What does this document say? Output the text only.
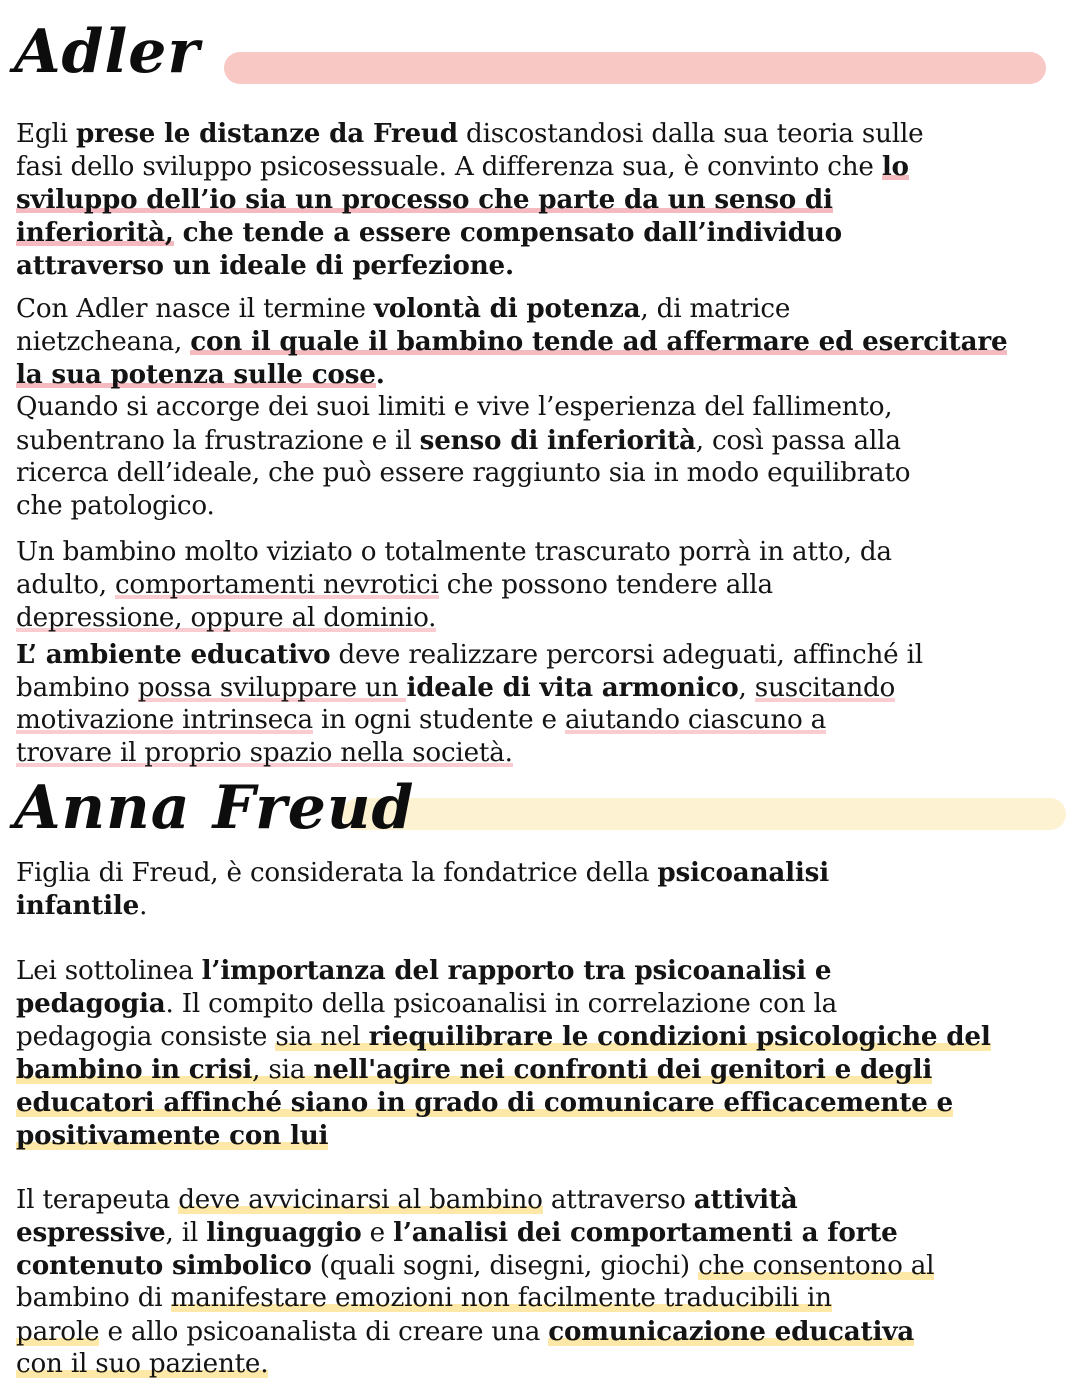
Adler
Egli prese le distanze da Freud discostandosi dalla sua teoria sulle
fasi dello sviluppo psicosessuale. A differenza sua, è convinto che lo
sviluppo dell’io sia un processo che parte da un senso di
inferiorità, che tende a essere compensato dall’individuo
attraverso un ideale di perfezione.
Con Adler nasce il termine volontà di potenza, di matrice
nietzcheana, con il quale il bambino tende ad affermare ed esercitare
la sua potenza sulle cose.
Quando si accorge dei suoi limiti e vive l’esperienza del fallimento,
subentrano la frustrazione e il senso di inferiorità, così passa alla
ricerca dell’ideale, che può essere raggiunto sia in modo equilibrato
che patologico.
Un bambino molto viziato o totalmente trascurato porrà in atto, da
adulto, comportamenti nevrotici che possono tendere alla
depressione, oppure al dominio.
L’ ambiente educativo deve realizzare percorsi adeguati, affinché il
bambino possa sviluppare un ideale di vita armonico, suscitando
motivazione intrinseca in ogni studente e aiutando ciascuno a
trovare il proprio spazio nella società.
Anna Freud
Figlia di Freud, è considerata la fondatrice della psicoanalisi
infantile.
Lei sottolinea l’importanza del rapporto tra psicoanalisi e
pedagogia. Il compito della psicoanalisi in correlazione con la
pedagogia consiste sia nel riequilibrare le condizioni psicologiche del
bambino in crisi, sia nell'agire nei confronti dei genitori e degli
educatori affinché siano in grado di comunicare efficacemente e
positivamente con lui
Il terapeuta deve avvicinarsi al bambino attraverso attività
espressive, il linguaggio e l’analisi dei comportamenti a forte
contenuto simbolico (quali sogni, disegni, giochi) che consentono al
bambino di manifestare emozioni non facilmente traducibili in
parole e allo psicoanalista di creare una comunicazione educativa
con il suo paziente.
